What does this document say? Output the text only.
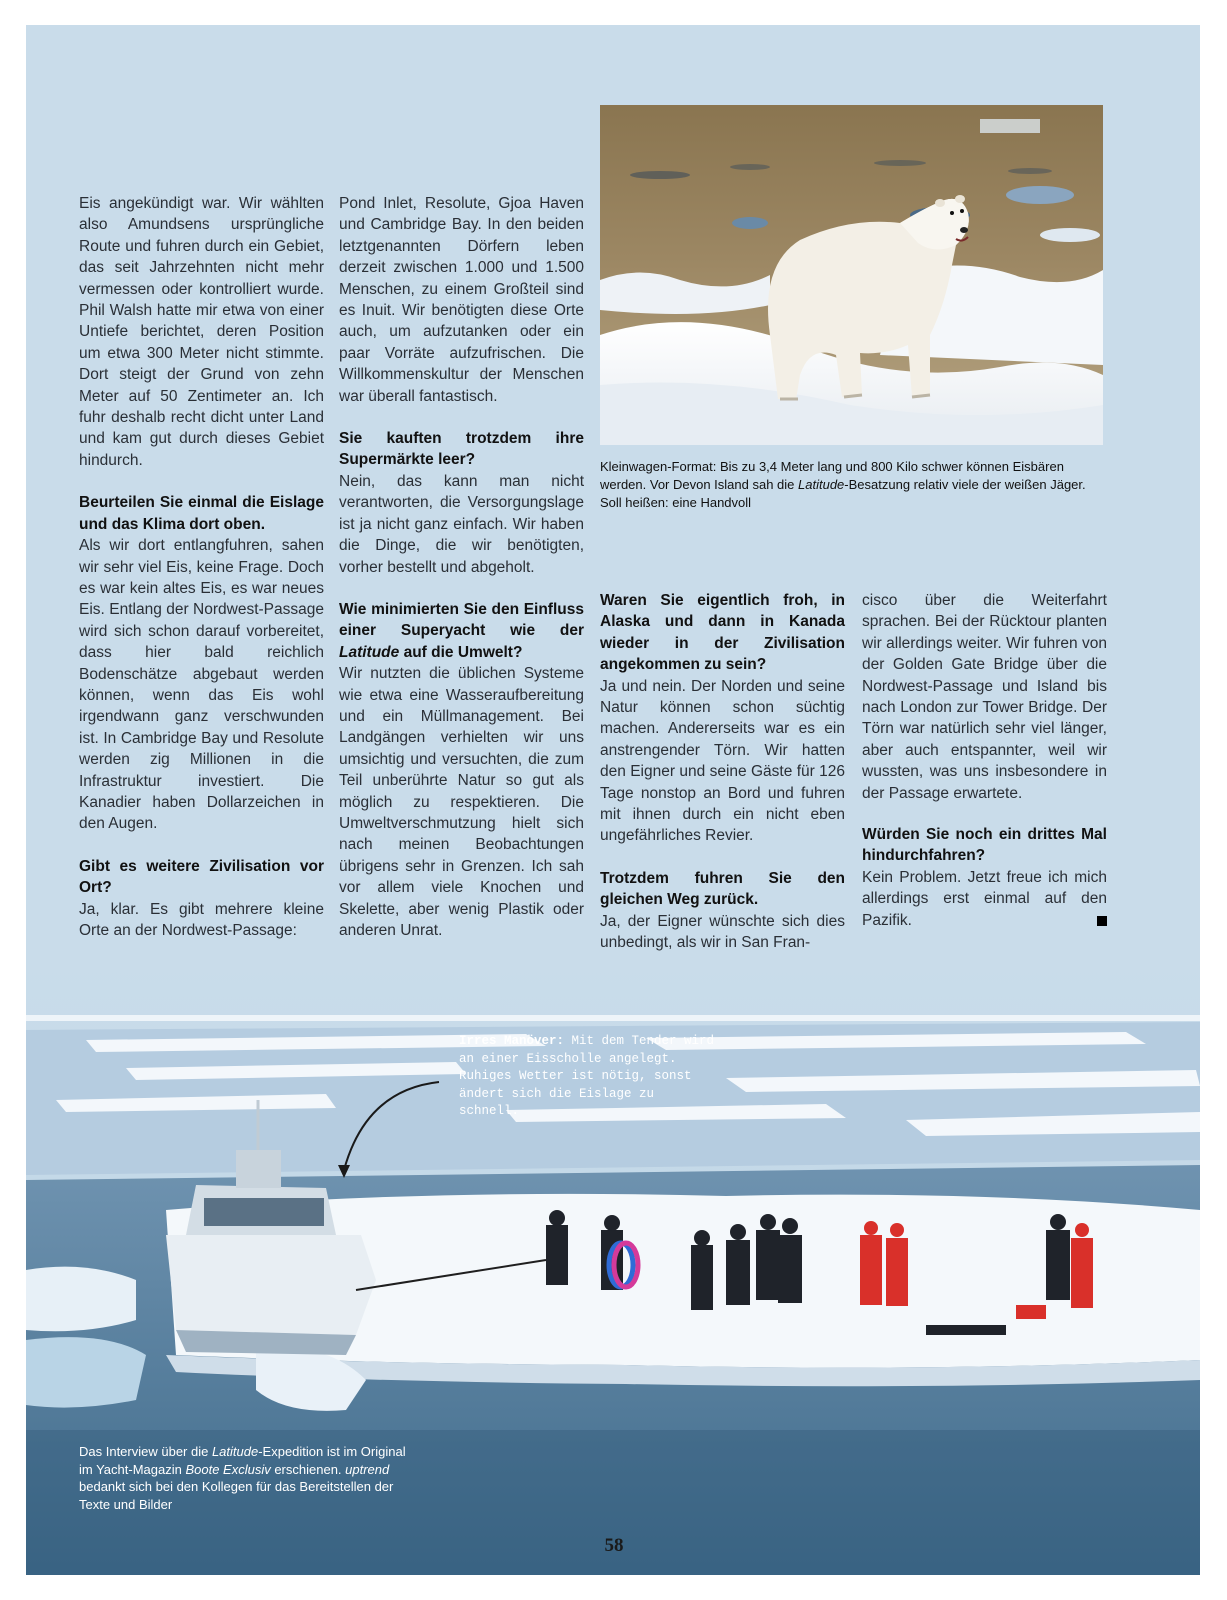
Eis angekündigt war. Wir wählten also Amundsens ursprüngliche Route und fuhren durch ein Gebiet, das seit Jahrzehnten nicht mehr vermessen oder kontrolliert wurde. Phil Walsh hatte mir etwa von einer Untiefe berichtet, deren Position um etwa 300 Meter nicht stimmte. Dort steigt der Grund von zehn Meter auf 50 Zentimeter an. Ich fuhr deshalb recht dicht unter Land und kam gut durch dieses Gebiet hindurch.

Beurteilen Sie einmal die Eislage und das Klima dort oben.

Als wir dort entlangfuhren, sahen wir sehr viel Eis, keine Frage. Doch es war kein altes Eis, es war neues Eis. Entlang der Nordwest-Passage wird sich schon darauf vorbereitet, dass hier bald reichlich Bodenschätze abgebaut werden können, wenn das Eis wohl irgendwann ganz verschwunden ist. In Cambridge Bay und Resolute werden zig Millionen in die Infrastruktur investiert. Die Kanadier haben Dollarzeichen in den Augen.

Gibt es weitere Zivilisation vor Ort?

Ja, klar. Es gibt mehrere kleine Orte an der Nordwest-Passage:

Pond Inlet, Resolute, Gjoa Haven und Cambridge Bay. In den beiden letztgenannten Dörfern leben derzeit zwischen 1.000 und 1.500 Menschen, zu einem Großteil sind es Inuit. Wir benötigten diese Orte auch, um aufzutanken oder ein paar Vorräte aufzufrischen. Die Willkommenskultur der Menschen war überall fantastisch.

Sie kauften trotzdem ihre Supermärkte leer?

Nein, das kann man nicht verantworten, die Versorgungslage ist ja nicht ganz einfach. Wir haben die Dinge, die wir benötigten, vorher bestellt und abgeholt.

Wie minimierten Sie den Einfluss einer Superyacht wie der Latitude auf die Umwelt?

Wir nutzten die üblichen Systeme wie etwa eine Wasseraufbereitung und ein Müllmanagement. Bei Landgängen verhielten wir uns umsichtig und versuchten, die zum Teil unberührte Natur so gut als möglich zu respektieren. Die Umweltverschmutzung hielt sich nach meinen Beobachtungen übrigens sehr in Grenzen. Ich sah vor allem viele Knochen und Skelette, aber wenig Plastik oder anderen Unrat.

Waren Sie eigentlich froh, in Alaska und dann in Kanada wieder in der Zivilisation angekommen zu sein?

Ja und nein. Der Norden und seine Natur können schon süchtig machen. Andererseits war es ein anstrengender Törn. Wir hatten den Eigner und seine Gäste für 126 Tage nonstop an Bord und fuhren mit ihnen durch ein nicht eben ungefährliches Revier.

Trotzdem fuhren Sie den gleichen Weg zurück.

Ja, der Eigner wünschte sich dies unbedingt, als wir in San Fran-

cisco über die Weiterfahrt sprachen. Bei der Rücktour planten wir allerdings weiter. Wir fuhren von der Golden Gate Bridge über die Nordwest-Passage und Island bis nach London zur Tower Bridge. Der Törn war natürlich sehr viel länger, aber auch entspannter, weil wir wussten, was uns insbesondere in der Passage erwartete.

Würden Sie noch ein drittes Mal hindurchfahren?

Kein Problem. Jetzt freue ich mich allerdings erst einmal auf den Pazifik.

Kleinwagen-Format: Bis zu 3,4 Meter lang und 800 Kilo schwer können Eisbären werden. Vor Devon Island sah die Latitude-Besatzung relativ viele der weißen Jäger. Soll heißen: eine Handvoll
Irres Manöver: Mit dem Tender wird an einer Eisscholle angelegt. Ruhiges Wetter ist nötig, sonst ändert sich die Eislage zu schnell.
Das Interview über die Latitude-Expedition ist im Original im Yacht-Magazin Boote Exclusiv erschienen. uptrend bedankt sich bei den Kollegen für das Bereitstellen der Texte und Bilder
58
